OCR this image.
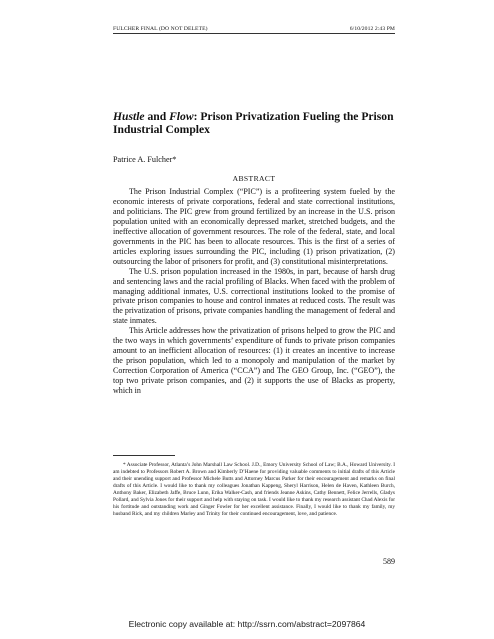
FULCHER FINAL (DO NOT DELETE)	6/10/2012 2:43 PM
Hustle and Flow: Prison Privatization Fueling the Prison Industrial Complex
Patrice A. Fulcher*
ABSTRACT

The Prison Industrial Complex (“PIC”) is a profiteering system fueled by the economic interests of private corporations, federal and state correctional institutions, and politicians. The PIC grew from ground fertilized by an increase in the U.S. prison population united with an economically depressed market, stretched budgets, and the ineffective allocation of government resources. The role of the federal, state, and local governments in the PIC has been to allocate resources. This is the first of a series of articles exploring issues surrounding the PIC, including (1) prison privatization, (2) outsourcing the labor of prisoners for profit, and (3) constitutional misinterpretations.

The U.S. prison population increased in the 1980s, in part, because of harsh drug and sentencing laws and the racial profiling of Blacks. When faced with the problem of managing additional inmates, U.S. correctional institutions looked to the promise of private prison companies to house and control inmates at reduced costs. The result was the privatization of prisons, private companies handling the management of federal and state inmates.

This Article addresses how the privatization of prisons helped to grow the PIC and the two ways in which governments’ expenditure of funds to private prison companies amount to an inefficient allocation of resources: (1) it creates an incentive to increase the prison population, which led to a monopoly and manipulation of the market by Correction Corporation of America (“CCA”) and The GEO Group, Inc. (“GEO”), the top two private prison companies, and (2) it supports the use of Blacks as property, which in

* Associate Professor, Atlanta’s John Marshall Law School. J.D., Emory University School of Law; B.A., Howard University. I am indebted to Professors Robert A. Brown and Kimberly D’Haene for providing valuable comments to initial drafts of this Article and their unending support and Professor Michele Butts and Attorney Marcus Parker for their encouragement and remarks on final drafts of this Article. I would like to thank my colleagues Jonathan Kappeng, Sheryl Harrison, Helen de Haven, Kathleen Burch, Anthony Baker, Elizabeth Jaffe, Bruce Lunn, Erika Walker-Cash, and friends Jeanne Askins, Cathy Bennett, Felice Jerrells, Gladys Pollard, and Sylvia Jones for their support and help with staying on task. I would like to thank my research assistant Chad Alexis for his fortitude and outstanding work and Ginger Fowler for her excellent assistance. Finally, I would like to thank my family, my husband Rick, and my children Marley and Trinity for their continued encouragement, love, and patience.

589
Electronic copy available at: http://ssrn.com/abstract=2097864
